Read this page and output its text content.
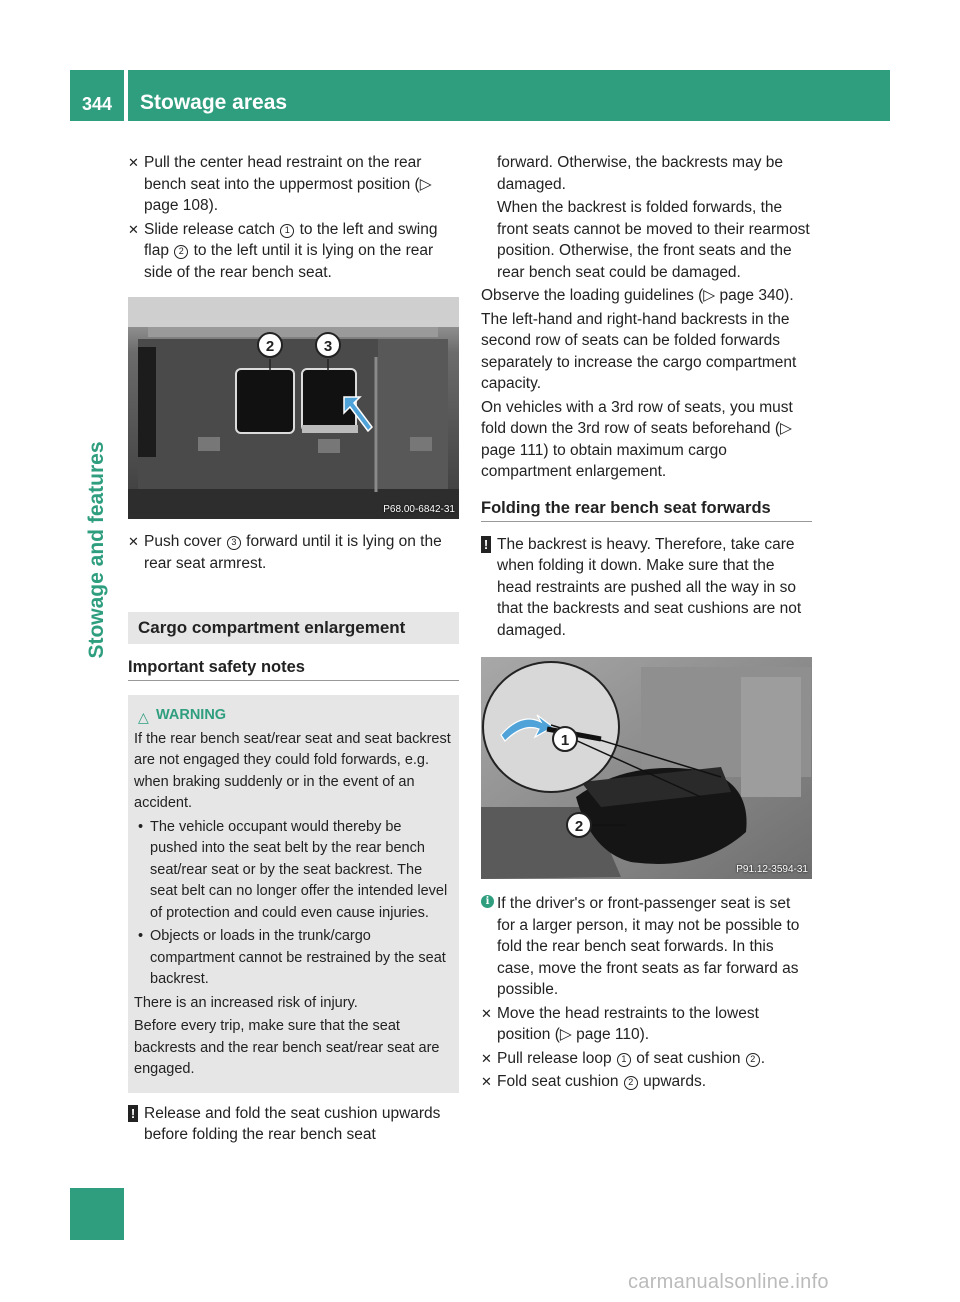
344	Stowage areas
Stowage and features
✕ Pull the center head restraint on the rear bench seat into the uppermost position (▷ page 108).
✕ Slide release catch 1 to the left and swing flap 2 to the left until it is lying on the rear side of the rear bench seat.
2	3
P68.00-6842-31
✕ Push cover 3 forward until it is lying on the rear seat armrest.
Cargo compartment enlargement
Important safety notes
△ WARNING
If the rear bench seat/rear seat and seat backrest are not engaged they could fold forwards, e.g. when braking suddenly or in the event of an accident.
• The vehicle occupant would thereby be pushed into the seat belt by the rear bench seat/rear seat or by the seat backrest. The seat belt can no longer offer the intended level of protection and could even cause injuries.
• Objects or loads in the trunk/cargo compartment cannot be restrained by the seat backrest.
There is an increased risk of injury.
Before every trip, make sure that the seat backrests and the rear bench seat/rear seat are engaged.
! Release and fold the seat cushion upwards before folding the rear bench seat
forward. Otherwise, the backrests may be damaged.
When the backrest is folded forwards, the front seats cannot be moved to their rearmost position. Otherwise, the front seats and the rear bench seat could be damaged.
Observe the loading guidelines (▷ page 340).
The left-hand and right-hand backrests in the second row of seats can be folded forwards separately to increase the cargo compartment capacity.
On vehicles with a 3rd row of seats, you must fold down the 3rd row of seats beforehand (▷ page 111) to obtain maximum cargo compartment enlargement.
Folding the rear bench seat forwards
! The backrest is heavy. Therefore, take care when folding it down. Make sure that the head restraints are pushed all the way in so that the backrests and seat cushions are not damaged.
1
2
P91.12-3594-31
i If the driver's or front-passenger seat is set for a larger person, it may not be possible to fold the rear bench seat forwards. In this case, move the front seats as far forward as possible.
✕ Move the head restraints to the lowest position (▷ page 110).
✕ Pull release loop 1 of seat cushion 2 .
✕ Fold seat cushion 2 upwards.
carmanualsonline.info
